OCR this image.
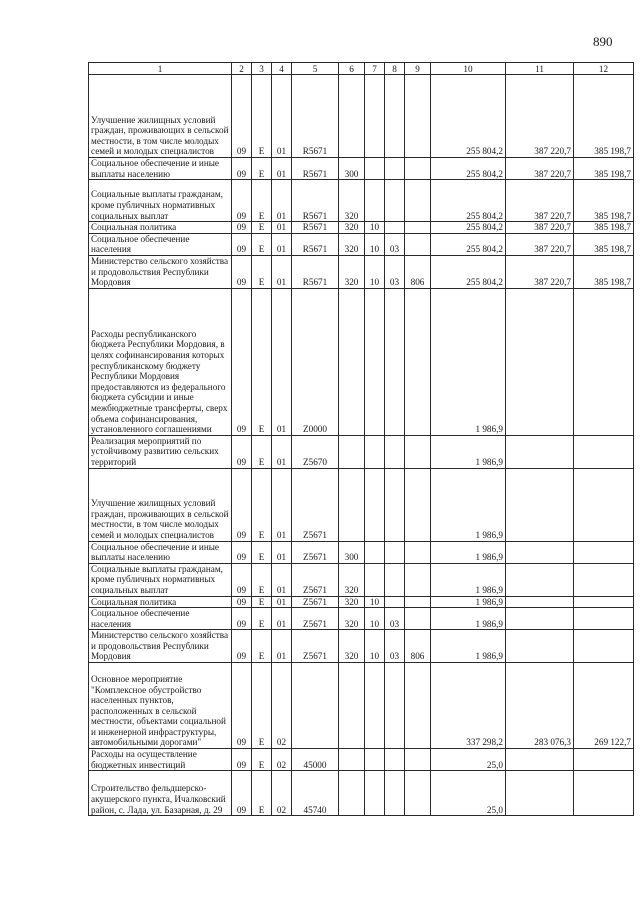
890
1	2	3	4	5	6	7	8	9	10	11	12
Улучшение жилищных условий граждан, проживающих в сельской местности, в том числе молодых семей и молодых специалистов	09	Е	01	R5671					255 804,2	387 220,7	385 198,7
Социальное обеспечение и иные выплаты населению	09	Е	01	R5671	300				255 804,2	387 220,7	385 198,7
Социальные выплаты гражданам, кроме публичных нормативных социальных выплат	09	Е	01	R5671	320				255 804,2	387 220,7	385 198,7
Социальная политика	09	Е	01	R5671	320	10			255 804,2	387 220,7	385 198,7
Социальное обеспечение населения	09	Е	01	R5671	320	10	03		255 804,2	387 220,7	385 198,7
Министерство сельского хозяйства и продовольствия Республики Мордовия	09	Е	01	R5671	320	10	03	806	255 804,2	387 220,7	385 198,7
Расходы республиканского бюджета Республики Мордовия, в целях софинансирования которых республиканскому бюджету Республики Мордовия предоставляются из федерального бюджета субсидии и иные межбюджетные трансферты, сверх объема софинансирования, установленного соглашениями	09	Е	01	Z0000					1 986,9		
Реализация мероприятий по устойчивому развитию сельских территорий	09	Е	01	Z5670					1 986,9		
Улучшение жилищных условий граждан, проживающих в сельской местности, в том числе молодых семей и молодых специалистов	09	Е	01	Z5671					1 986,9		
Социальное обеспечение и иные выплаты населению	09	Е	01	Z5671	300				1 986,9		
Социальные выплаты гражданам, кроме публичных нормативных социальных выплат	09	Е	01	Z5671	320				1 986,9		
Социальная политика	09	Е	01	Z5671	320	10			1 986,9		
Социальное обеспечение населения	09	Е	01	Z5671	320	10	03		1 986,9		
Министерство сельского хозяйства и продовольствия Республики Мордовия	09	Е	01	Z5671	320	10	03	806	1 986,9		
Основное мероприятие "Комплексное обустройство населенных пунктов, расположенных в сельской местности, объектами социальной и инженерной инфраструктуры, автомобильными дорогами"	09	Е	02						337 298,2	283 076,3	269 122,7
Расходы на осуществление бюджетных инвестиций	09	Е	02	45000					25,0		
Строительство фельдшерско-акушерского пункта, Ичалковский район, с. Лада, ул. Базарная, д. 29	09	Е	02	45740					25,0		
